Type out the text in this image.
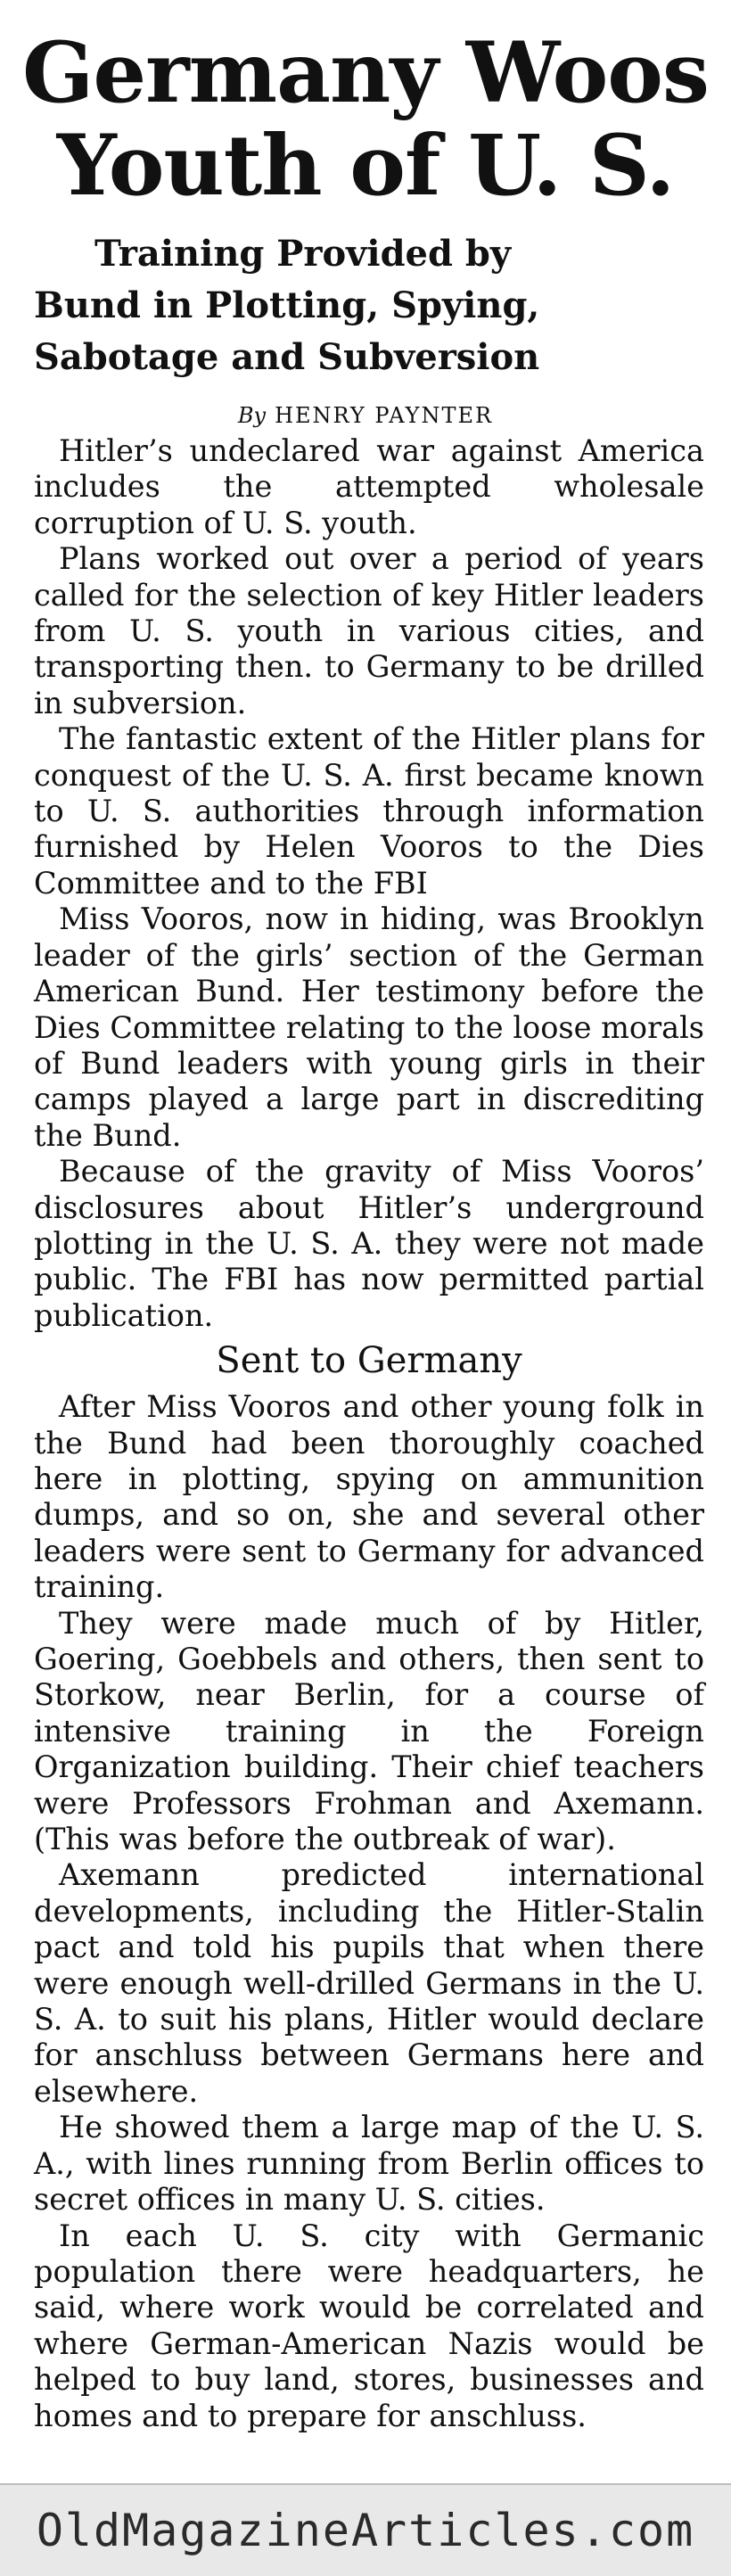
Germany Woos
Youth of U. S.
Training Provided by
Bund in Plotting, Spying,
Sabotage and Subversion
By HENRY PAYNTER

Hitler’s undeclared war against America includes the attempted wholesale corruption of U. S. youth.

Plans worked out over a period of years called for the selection of key Hitler leaders from U. S. youth in various cities, and transporting then. to Germany to be drilled in subversion.

The fantastic extent of the Hitler plans for conquest of the U. S. A. first became known to U. S. authorities through information furnished by Helen Vooros to the Dies Committee and to the FBI

Miss Vooros, now in hiding, was Brooklyn leader of the girls’ section of the German American Bund. Her testimony before the Dies Committee relating to the loose morals of Bund leaders with young girls in their camps played a large part in discrediting the Bund.

Because of the gravity of Miss Vooros’ disclosures about Hitler’s underground plotting in the U. S. A. they were not made public. The FBI has now permitted partial publication.

Sent to Germany

After Miss Vooros and other young folk in the Bund had been thoroughly coached here in plotting, spying on ammunition dumps, and so on, she and several other leaders were sent to Germany for advanced training.

They were made much of by Hitler, Goering, Goebbels and others, then sent to Storkow, near Berlin, for a course of intensive training in the Foreign Organization building. Their chief teachers were Professors Frohman and Axemann. (This was before the outbreak of war).

Axemann predicted international developments, including the Hitler-Stalin pact and told his pupils that when there were enough well-drilled Germans in the U. S. A. to suit his plans, Hitler would declare for anschluss between Germans here and elsewhere.

He showed them a large map of the U. S. A., with lines running from Berlin offices to secret offices in many U. S. cities.

In each U. S. city with Germanic population there were headquarters, he said, where work would be correlated and where German-American Nazis would be helped to buy land, stores, businesses and homes and to prepare for anschluss.

OldMagazineArticles.com
